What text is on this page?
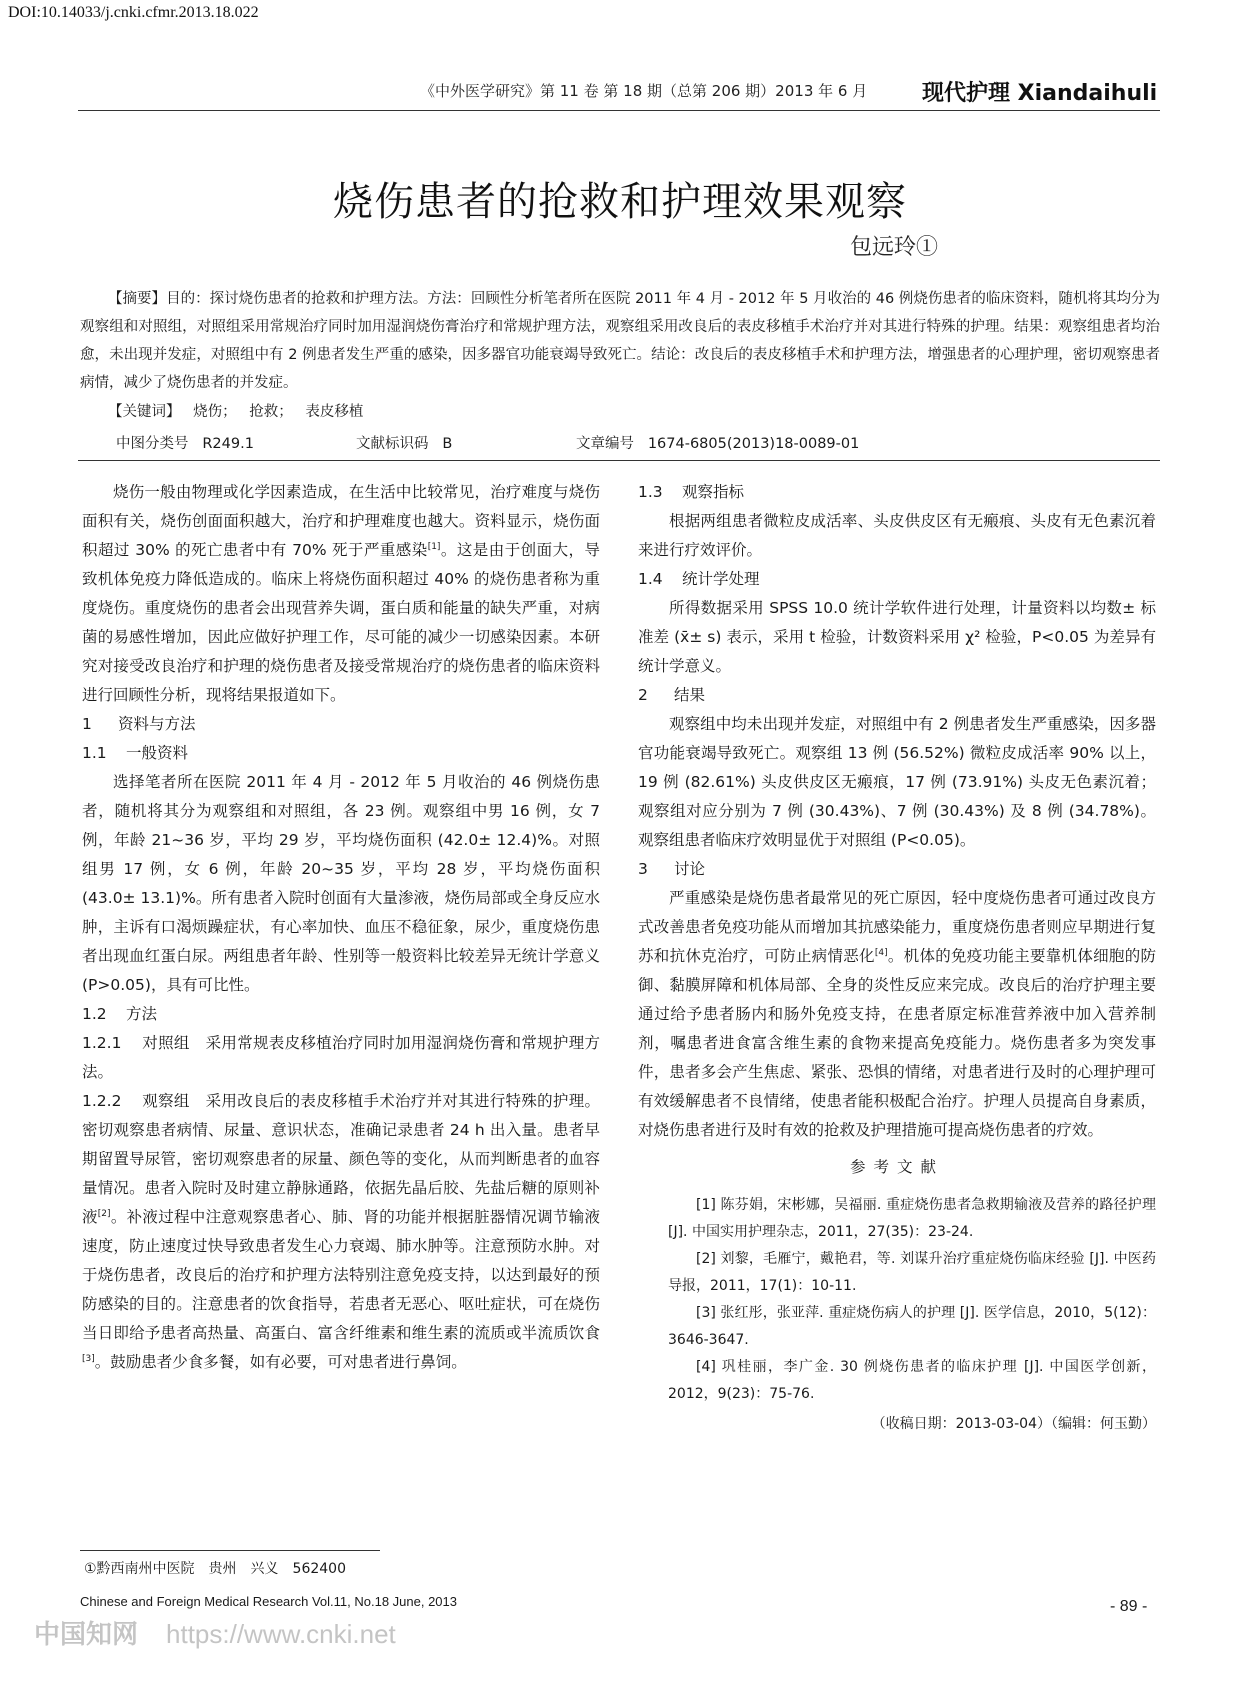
DOI:10.14033/j.cnki.cfmr.2013.18.022
《中外医学研究》第 11 卷 第 18 期（总第 206 期）2013 年 6 月 现代护理 Xiandaihuli
烧伤患者的抢救和护理效果观察
包远玲①
【摘要】目的：探讨烧伤患者的抢救和护理方法。方法：回顾性分析笔者所在医院 2011 年 4 月 - 2012 年 5 月收治的 46 例烧伤患者的临床资料，随机将其均分为观察组和对照组，对照组采用常规治疗同时加用湿润烧伤膏治疗和常规护理方法，观察组采用改良后的表皮移植手术治疗并对其进行特殊的护理。结果：观察组患者均治愈，未出现并发症，对照组中有 2 例患者发生严重的感染，因多器官功能衰竭导致死亡。结论：改良后的表皮移植手术和护理方法，增强患者的心理护理，密切观察患者病情，减少了烧伤患者的并发症。
【关键词】 烧伤； 抢救； 表皮移植
中图分类号 R249.1	文献标识码 B	文章编号 1674-6805(2013)18-0089-01

烧伤一般由物理或化学因素造成，在生活中比较常见，治疗难度与烧伤面积有关，烧伤创面面积越大，治疗和护理难度也越大。资料显示，烧伤面积超过 30% 的死亡患者中有 70% 死于严重感染[1]。这是由于创面大，导致机体免疫力降低造成的。临床上将烧伤面积超过 40% 的烧伤患者称为重度烧伤。重度烧伤的患者会出现营养失调，蛋白质和能量的缺失严重，对病菌的易感性增加，因此应做好护理工作，尽可能的减少一切感染因素。本研究对接受改良治疗和护理的烧伤患者及接受常规治疗的烧伤患者的临床资料进行回顾性分析，现将结果报道如下。

1 资料与方法
1.1 一般资料

选择笔者所在医院 2011 年 4 月 - 2012 年 5 月收治的 46 例烧伤患者，随机将其分为观察组和对照组，各 23 例。观察组中男 16 例，女 7 例，年龄 21~36 岁，平均 29 岁，平均烧伤面积 (42.0± 12.4)%。对照组男 17 例，女 6 例，年龄 20~35 岁，平均 28 岁，平均烧伤面积 (43.0± 13.1)%。所有患者入院时创面有大量渗液，烧伤局部或全身反应水肿，主诉有口渴烦躁症状，有心率加快、血压不稳征象，尿少，重度烧伤患者出现血红蛋白尿。两组患者年龄、性别等一般资料比较差异无统计学意义 (P>0.05)，具有可比性。

1.2 方法

1.2.1 对照组 采用常规表皮移植治疗同时加用湿润烧伤膏和常规护理方法。

1.2.2 观察组 采用改良后的表皮移植手术治疗并对其进行特殊的护理。密切观察患者病情、尿量、意识状态，准确记录患者 24 h 出入量。患者早期留置导尿管，密切观察患者的尿量、颜色等的变化，从而判断患者的血容量情况。患者入院时及时建立静脉通路，依据先晶后胶、先盐后糖的原则补液[2]。补液过程中注意观察患者心、肺、肾的功能并根据脏器情况调节输液速度，防止速度过快导致患者发生心力衰竭、肺水肿等。注意预防水肿。对于烧伤患者，改良后的治疗和护理方法特别注意免疫支持，以达到最好的预防感染的目的。注意患者的饮食指导，若患者无恶心、呕吐症状，可在烧伤当日即给予患者高热量、高蛋白、富含纤维素和维生素的流质或半流质饮食[3]。鼓励患者少食多餐，如有必要，可对患者进行鼻饲。

1.3 观察指标

根据两组患者微粒皮成活率、头皮供皮区有无瘢痕、头皮有无色素沉着来进行疗效评价。

1.4 统计学处理

所得数据采用 SPSS 10.0 统计学软件进行处理，计量资料以均数± 标准差 (x̄± s) 表示，采用 t 检验，计数资料采用 χ² 检验，P<0.05 为差异有统计学意义。

2 结果

观察组中均未出现并发症，对照组中有 2 例患者发生严重感染，因多器官功能衰竭导致死亡。观察组 13 例 (56.52%) 微粒皮成活率 90% 以上，19 例 (82.61%) 头皮供皮区无瘢痕，17 例 (73.91%) 头皮无色素沉着；观察组对应分别为 7 例 (30.43%)、7 例 (30.43%) 及 8 例 (34.78%)。观察组患者临床疗效明显优于对照组 (P<0.05)。

3 讨论

严重感染是烧伤患者最常见的死亡原因，轻中度烧伤患者可通过改良方式改善患者免疫功能从而增加其抗感染能力，重度烧伤患者则应早期进行复苏和抗休克治疗，可防止病情恶化[4]。机体的免疫功能主要靠机体细胞的防御、黏膜屏障和机体局部、全身的炎性反应来完成。改良后的治疗护理主要通过给予患者肠内和肠外免疫支持，在患者原定标准营养液中加入营养制剂，嘱患者进食富含维生素的食物来提高免疫能力。烧伤患者多为突发事件，患者多会产生焦虑、紧张、恐惧的情绪，对患者进行及时的心理护理可有效缓解患者不良情绪，使患者能积极配合治疗。护理人员提高自身素质，对烧伤患者进行及时有效的抢救及护理措施可提高烧伤患者的疗效。

参考文献

[1] 陈芬娟，宋彬娜，吴福丽. 重症烧伤患者急救期输液及营养的路径护理 [J]. 中国实用护理杂志，2011，27(35)：23-24.

[2] 刘黎，毛雁宁，戴艳君，等. 刘谋升治疗重症烧伤临床经验 [J]. 中医药导报，2011，17(1)：10-11.

[3] 张红彤，张亚萍. 重症烧伤病人的护理 [J]. 医学信息，2010，5(12)：3646-3647.

[4] 巩桂丽，李广金. 30 例烧伤患者的临床护理 [J]. 中国医学创新，2012，9(23)：75-76.

（收稿日期：2013-03-04）（编辑：何玉勤）
①黔西南州中医院　贵州　兴义　562400
Chinese and Foreign Medical Research Vol.11, No.18 June, 2013	- 89 -
中国知网 https://www.cnki.net
